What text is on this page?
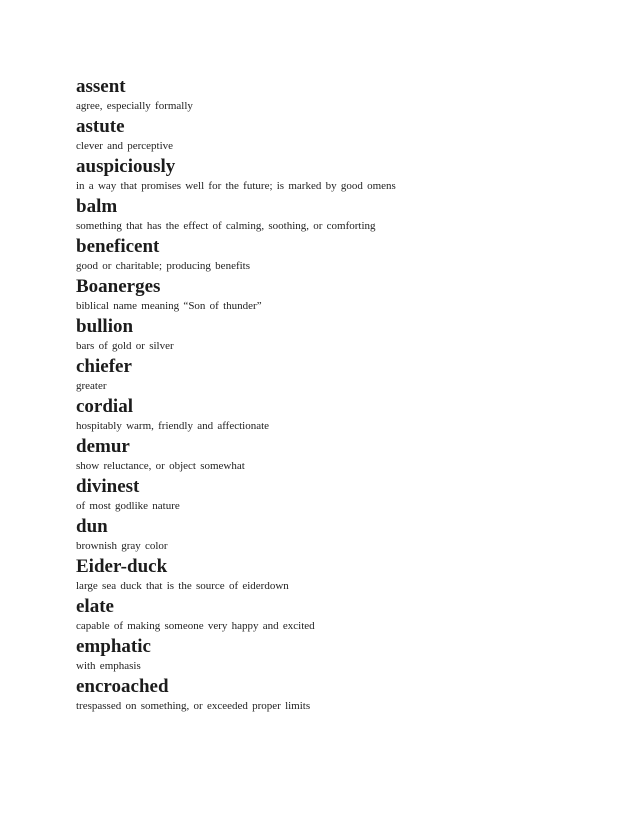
assent
agree, especially formally
astute
clever and perceptive
auspiciously
in a way that promises well for the future; is marked by good omens
balm
something that has the effect of calming, soothing, or comforting
beneficent
good or charitable; producing benefits
Boanerges
biblical name meaning “Son of thunder”
bullion
bars of gold or silver
chiefer
greater
cordial
hospitably warm, friendly and affectionate
demur
show reluctance, or object somewhat
divinest
of most godlike nature
dun
brownish gray color
Eider-duck
large sea duck that is the source of eiderdown
elate
capable of making someone very happy and excited
emphatic
with emphasis
encroached
trespassed on something, or exceeded proper limits
